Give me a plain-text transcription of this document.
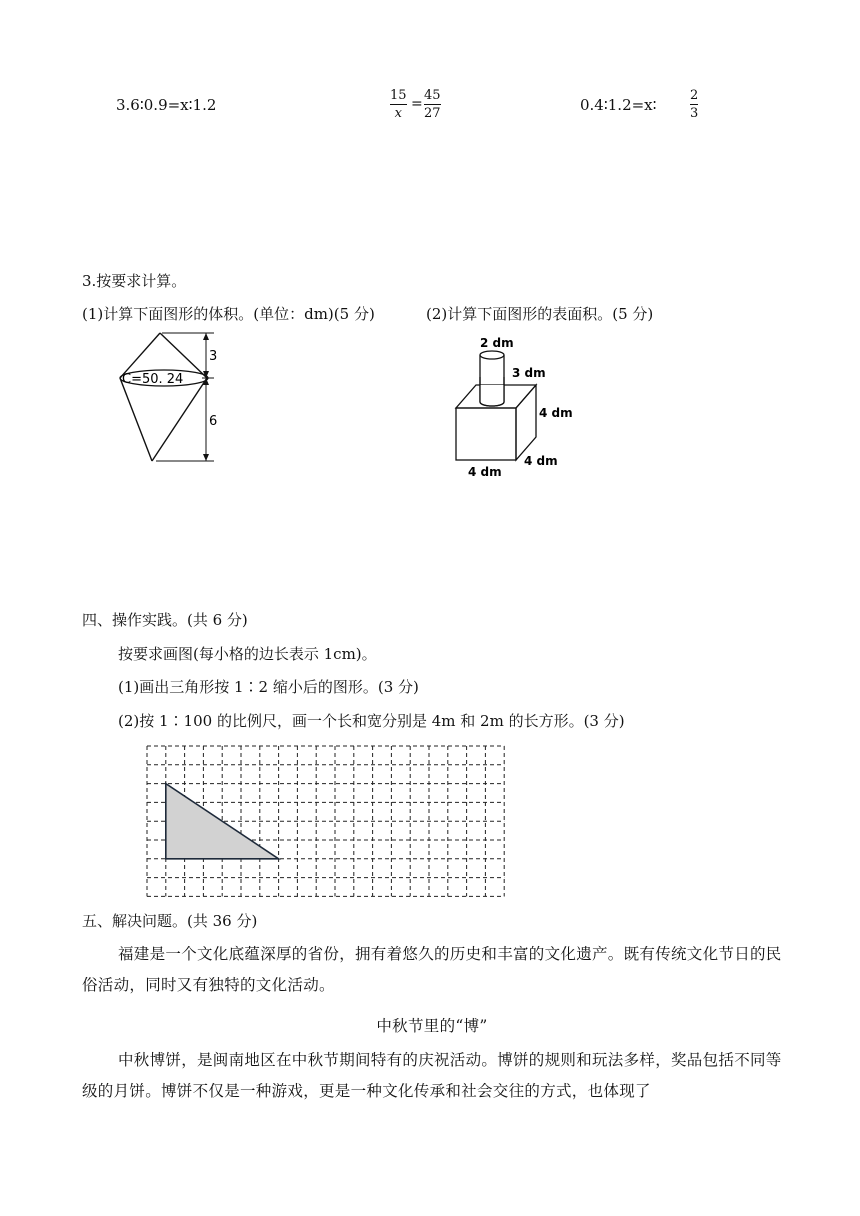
3.6∶0.9=x∶1.2
15
x
=
45
27	0.4∶1.2=x∶
2
3
3.按要求计算。
(1)计算下面图形的体积。(单位：dm)(5 分)	(2)计算下面图形的表面积。(5 分)
C=50. 24
3
6
2 dm
3 dm
4 dm
4 dm
4 dm
四、操作实践。(共 6 分)
按要求画图(每小格的边长表示 1cm)。
(1)画出三角形按 1∶2 缩小后的图形。(3 分)
(2)按 1∶100 的比例尺，画一个长和宽分别是 4m 和 2m 的长方形。(3 分)
五、解决问题。(共 36 分)
福建是一个文化底蕴深厚的省份，拥有着悠久的历史和丰富的文化遗产。既有传统文化节日的民俗活动，同时又有独特的文化活动。
中秋节里的“博”
中秋博饼，是闽南地区在中秋节期间特有的庆祝活动。博饼的规则和玩法多样，奖品包括不同等级的月饼。博饼不仅是一种游戏，更是一种文化传承和社会交往的方式，也体现了
